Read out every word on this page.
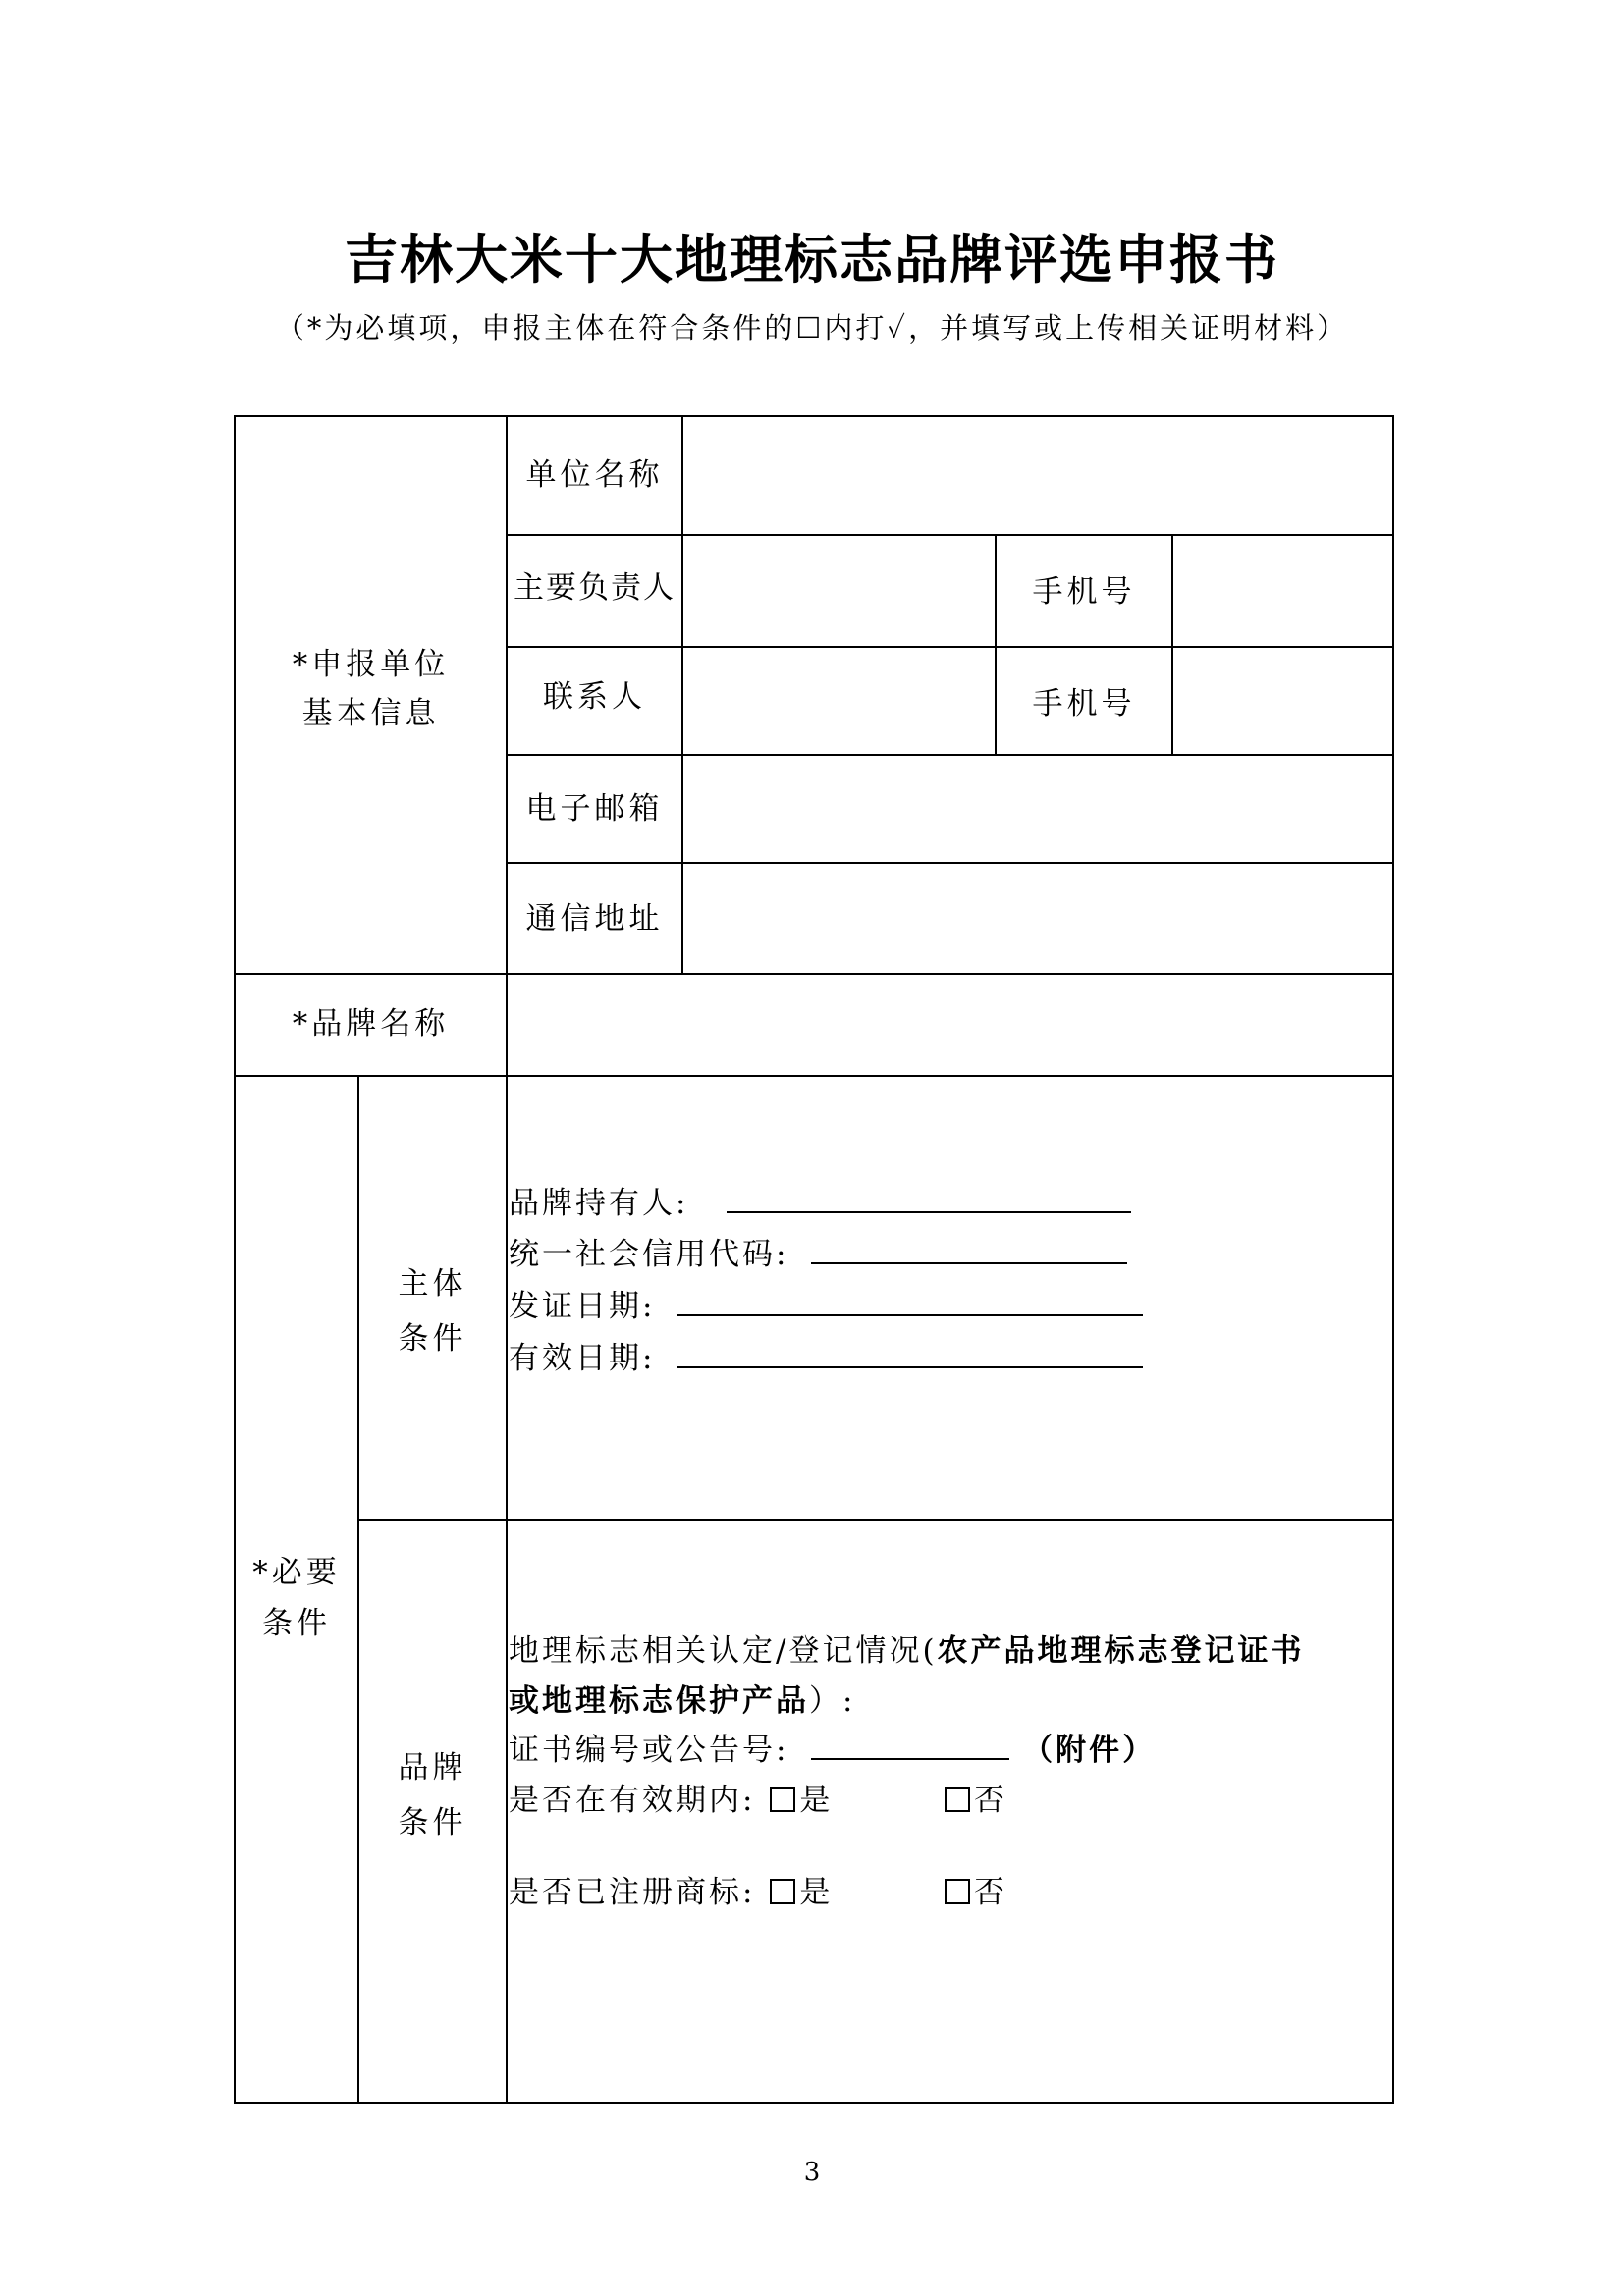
吉林大米十大地理标志品牌评选申报书
（*为必填项，申报主体在符合条件的☐内打✓，并填写或上传相关证明材料）
*申报单位
基本信息
单位名称
主要负责人	手机号
联系人	手机号
电子邮箱
通信地址
*品牌名称
*必要
条件
主体
条件
品牌持有人:
统一社会信用代码:
发证日期:
有效日期:
品牌
条件
地理标志相关认定/登记情况(农产品地理标志登记证书
或地理标志保护产品）:
证书编号或公告号:	（附件）
是否在有效期内: 是	否
是否已注册商标: 是	否
3
